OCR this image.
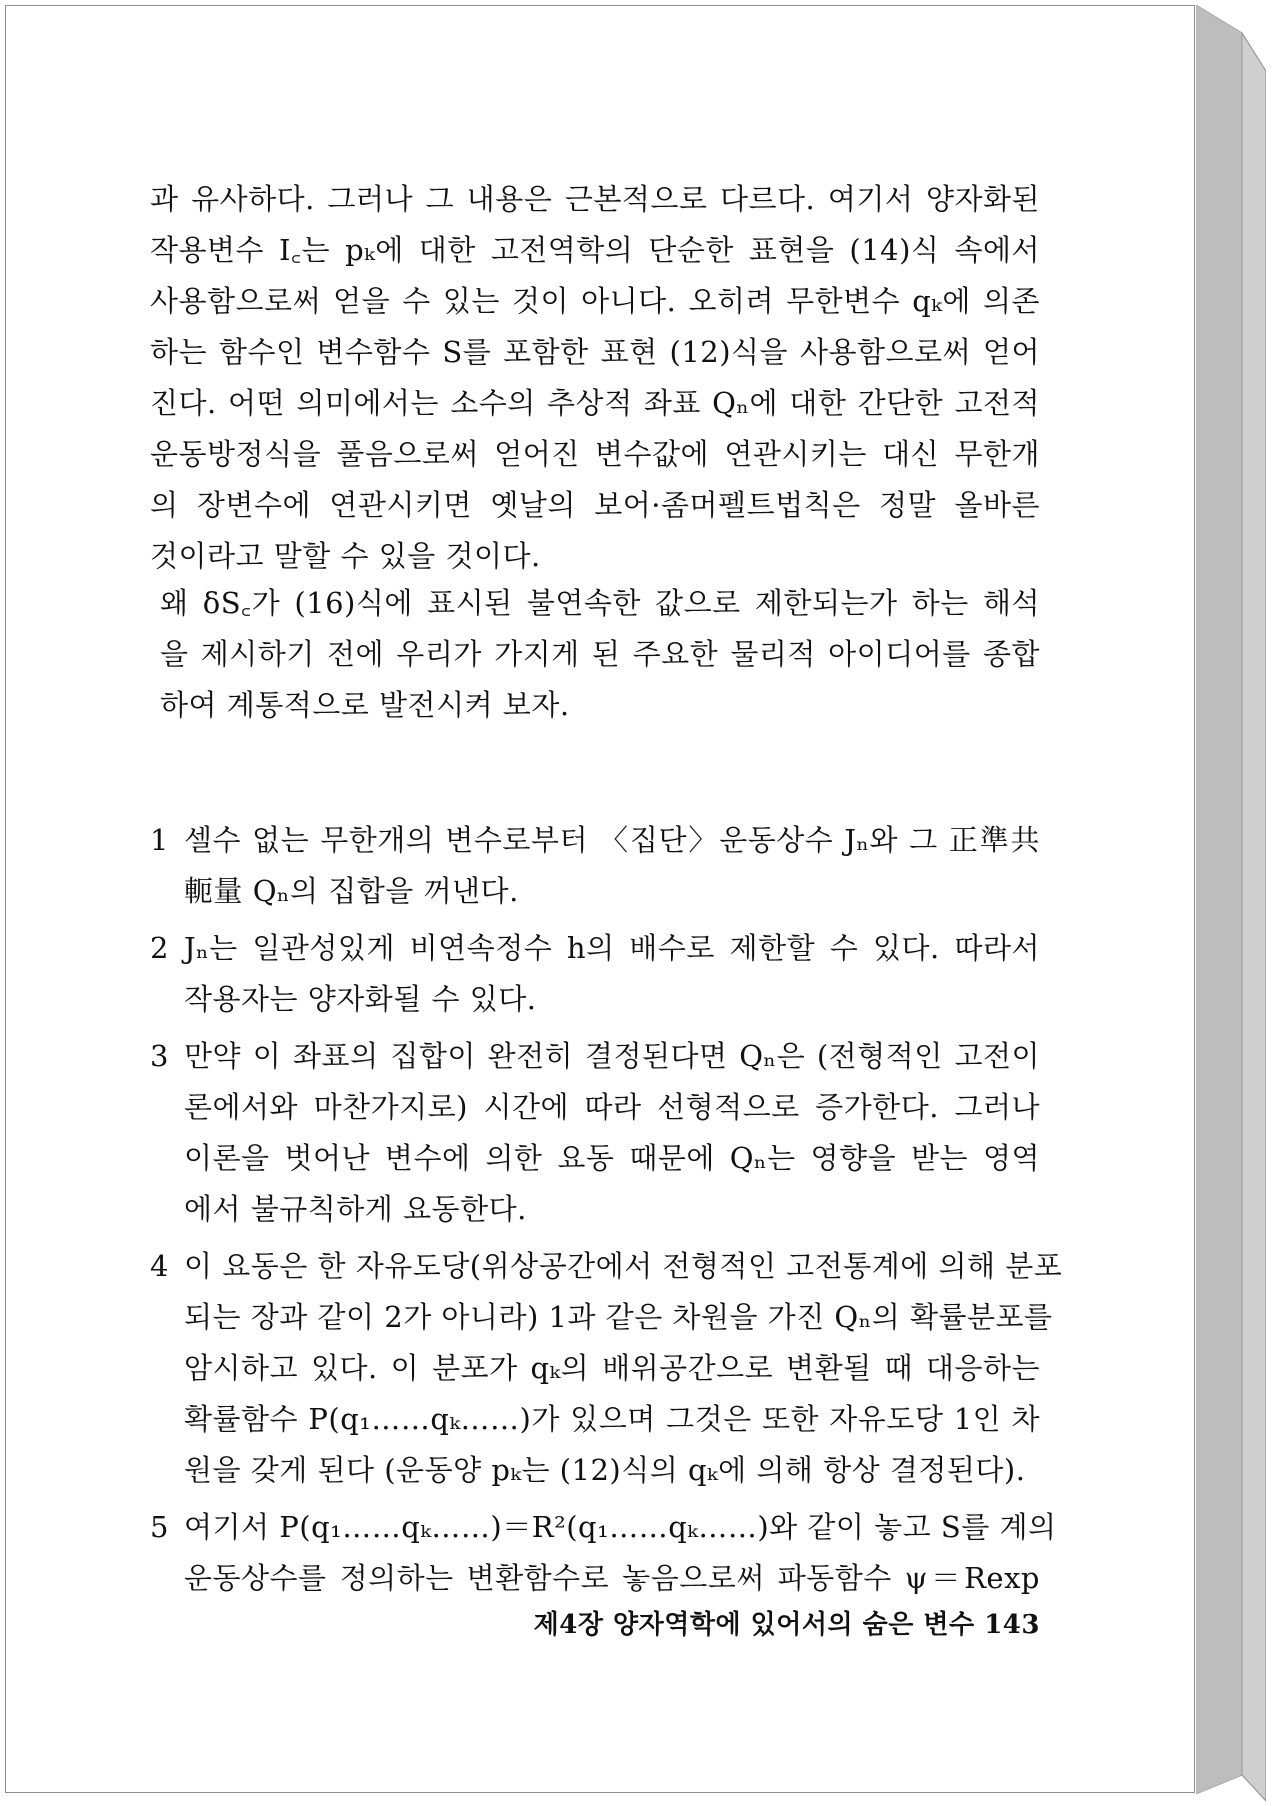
과 유사하다. 그러나 그 내용은 근본적으로 다르다. 여기서 양자화된
작용변수 I꜀는 pₖ에 대한 고전역학의 단순한 표현을 (14)식 속에서
사용함으로써 얻을 수 있는 것이 아니다. 오히려 무한변수 qₖ에 의존
하는 함수인 변수함수 S를 포함한 표현 (12)식을 사용함으로써 얻어
진다. 어떤 의미에서는 소수의 추상적 좌표 Qₙ에 대한 간단한 고전적
운동방정식을 풀음으로써 얻어진 변수값에 연관시키는 대신 무한개
의 장변수에 연관시키면 옛날의 보어·좀머펠트법칙은 정말 올바른
것이라고 말할 수 있을 것이다.
왜 δS꜀가 (16)식에 표시된 불연속한 값으로 제한되는가 하는 해석
을 제시하기 전에 우리가 가지게 된 주요한 물리적 아이디어를 종합
하여 계통적으로 발전시켜 보자.
1 셀수 없는 무한개의 변수로부터 〈집단〉운동상수 Jₙ와 그 正準共
軛量 Qₙ의 집합을 꺼낸다.
2 Jₙ는 일관성있게 비연속정수 h의 배수로 제한할 수 있다. 따라서
작용자는 양자화될 수 있다.
3 만약 이 좌표의 집합이 완전히 결정된다면 Qₙ은 (전형적인 고전이
론에서와 마찬가지로) 시간에 따라 선형적으로 증가한다. 그러나
이론을 벗어난 변수에 의한 요동 때문에 Qₙ는 영향을 받는 영역
에서 불규칙하게 요동한다.
4 이 요동은 한 자유도당(위상공간에서 전형적인 고전통계에 의해 분포
되는 장과 같이 2가 아니라) 1과 같은 차원을 가진 Qₙ의 확률분포를
암시하고 있다. 이 분포가 qₖ의 배위공간으로 변환될 때 대응하는
확률함수 P(q₁……qₖ……)가 있으며 그것은 또한 자유도당 1인 차
원을 갖게 된다 (운동양 pₖ는 (12)식의 qₖ에 의해 항상 결정된다).
5 여기서 P(q₁……qₖ……)＝R²(q₁……qₖ……)와 같이 놓고 S를 계의
운동상수를 정의하는 변환함수로 놓음으로써 파동함수 ψ＝Rexp
제4장 양자역학에 있어서의 숨은 변수 143
